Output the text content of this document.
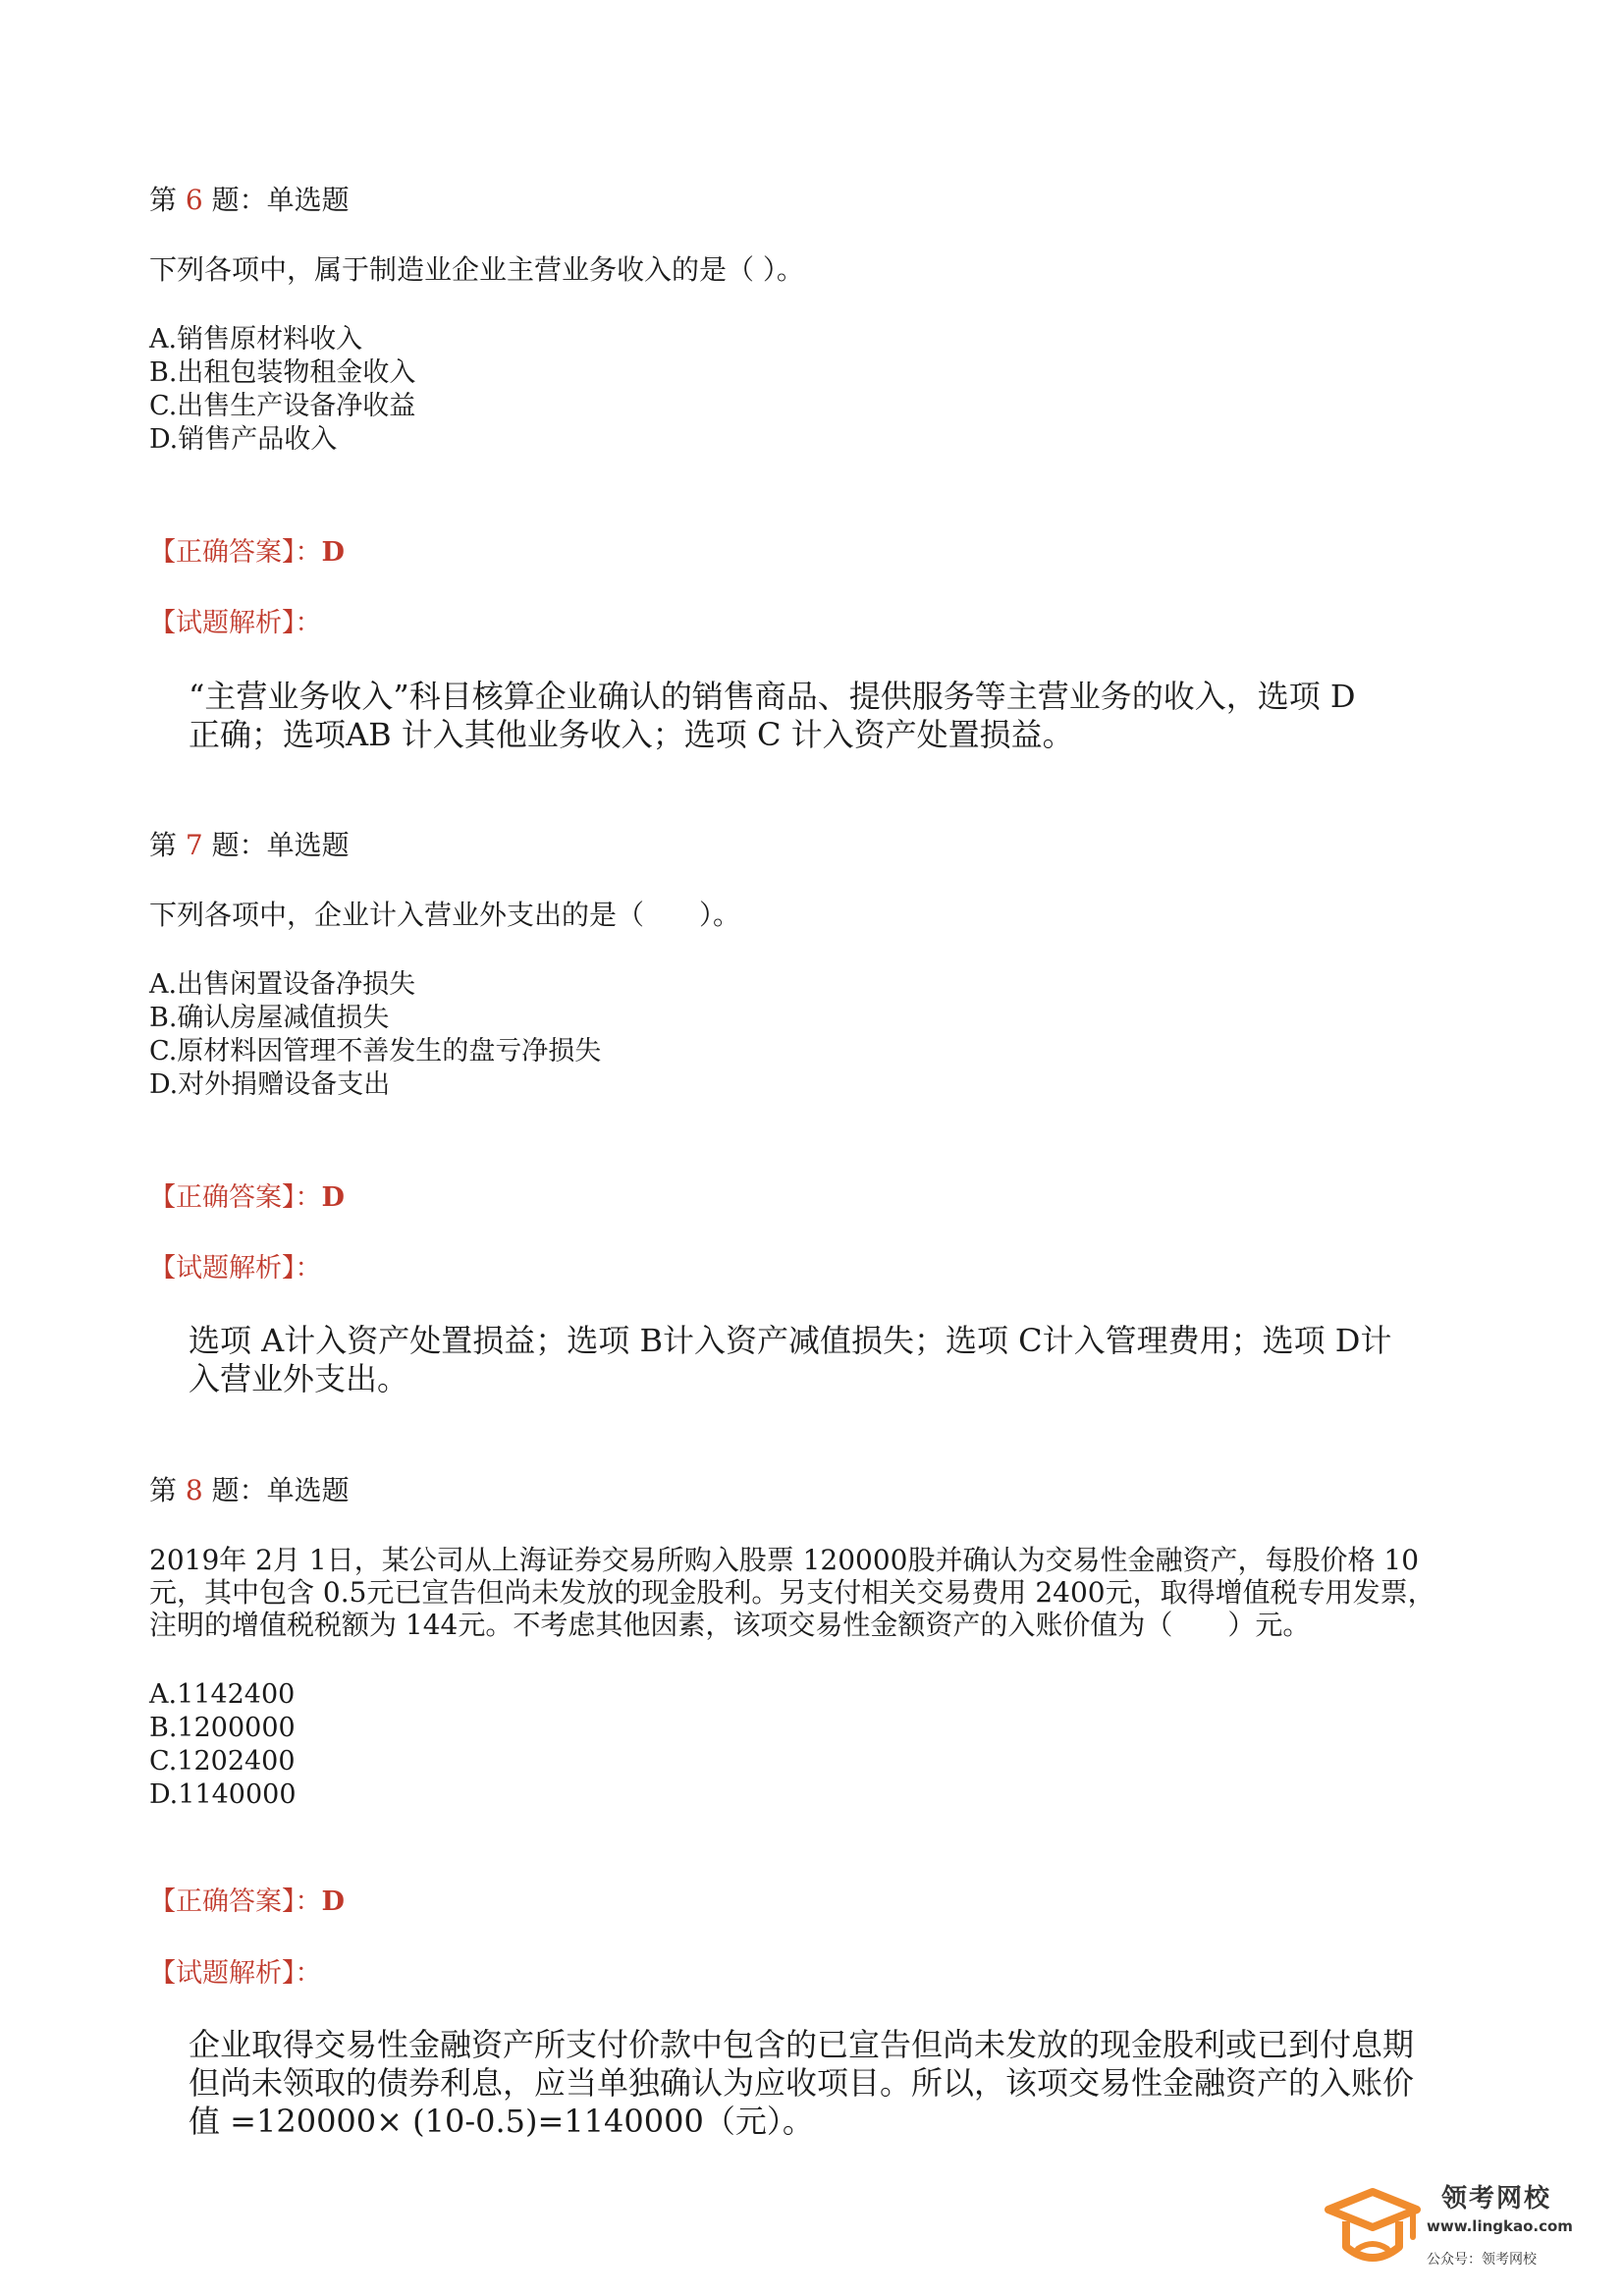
第 6 题：单选题

下列各项中，属于制造业企业主营业务收入的是（ ）。

A.销售原材料收入
B.出租包装物租金收入
C.出售生产设备净收益
D.销售产品收入

【正确答案】：D

【试题解析】：

“主营业务收入”科目核算企业确认的销售商品、提供服务等主营业务的收入，选项 D
正确；选项AB 计入其他业务收入；选项 C 计入资产处置损益。

第 7 题：单选题

下列各项中，企业计入营业外支出的是（　　）。

A.出售闲置设备净损失
B.确认房屋减值损失
C.原材料因管理不善发生的盘亏净损失
D.对外捐赠设备支出

【正确答案】：D

【试题解析】：

选项 A计入资产处置损益；选项 B计入资产减值损失；选项 C计入管理费用；选项 D计
入营业外支出。

第 8 题：单选题

2019年 2月 1日，某公司从上海证券交易所购入股票 120000股并确认为交易性金融资产，每股价格 10
元，其中包含 0.5元已宣告但尚未发放的现金股利。另支付相关交易费用 2400元，取得增值税专用发票，
注明的增值税税额为 144元。不考虑其他因素，该项交易性金额资产的入账价值为（　　）元。
A.1142400
B.1200000
C.1202400
D.1140000

【正确答案】：D

【试题解析】：

企业取得交易性金融资产所支付价款中包含的已宣告但尚未发放的现金股利或已到付息期
但尚未领取的债券利息，应当单独确认为应收项目。所以，该项交易性金融资产的入账价
值 =120000× (10-0.5)=1140000（元）。
领考网校
www.lingkao.com
公众号：领考网校
